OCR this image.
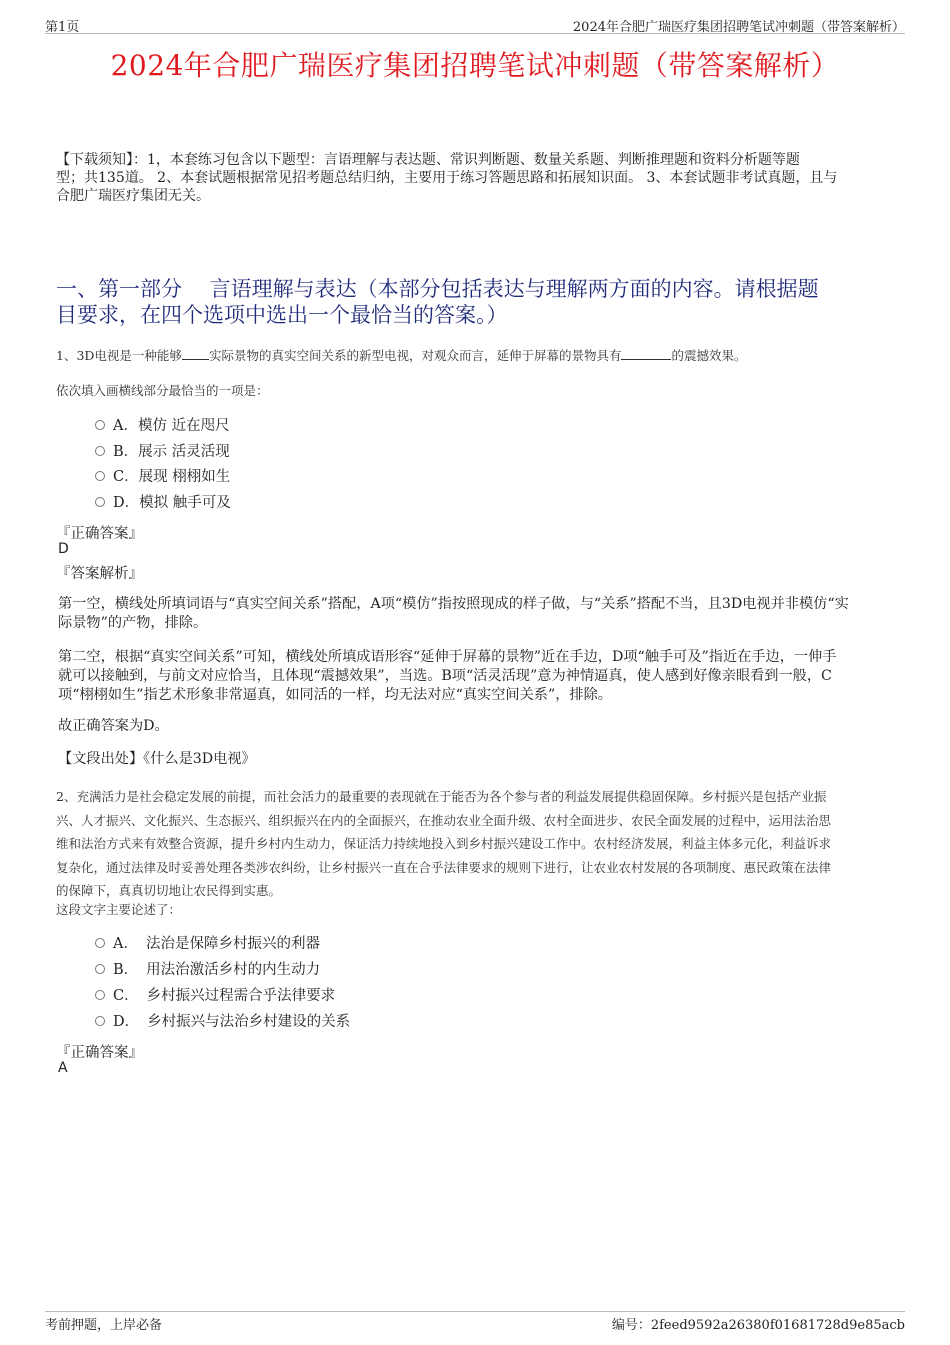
第1页	2024年合肥广瑞医疗集团招聘笔试冲刺题（带答案解析）
2024年合肥广瑞医疗集团招聘笔试冲刺题（带答案解析）
【下载须知】：1，本套练习包含以下题型：言语理解与表达题、常识判断题、数量关系题、判断推理题和资料分析题等题
型；共135道。 2、本套试题根据常见招考题总结归纳，主要用于练习答题思路和拓展知识面。 3、本套试题非考试真题，且与
合肥广瑞医疗集团无关。
一、第一部分　 言语理解与表达（本部分包括表达与理解两方面的内容。请根据题
目要求，在四个选项中选出一个最恰当的答案。）
1、3D电视是一种能够 实际景物的真实空间关系的新型电视，对观众而言，延伸于屏幕的景物具有	的震撼效果。
依次填入画横线部分最恰当的一项是：
A．模仿 近在咫尺
B．展示 活灵活现
C．展现 栩栩如生
D．模拟 触手可及
『正确答案』
D
『答案解析』
第一空，横线处所填词语与“真实空间关系”搭配，A项“模仿”指按照现成的样子做，与“关系”搭配不当，且3D电视并非模仿“实
际景物”的产物，排除。
第二空，根据“真实空间关系”可知，横线处所填成语形容“延伸于屏幕的景物”近在手边，D项“触手可及”指近在手边，一伸手
就可以接触到，与前文对应恰当，且体现“震撼效果”，当选。B项“活灵活现”意为神情逼真，使人感到好像亲眼看到一般，C
项“栩栩如生”指艺术形象非常逼真，如同活的一样，均无法对应“真实空间关系”，排除。
故正确答案为D。
【文段出处】《什么是3D电视》
2、充满活力是社会稳定发展的前提，而社会活力的最重要的表现就在于能否为各个参与者的利益发展提供稳固保障。乡村振兴是包括产业振
兴、人才振兴、文化振兴、生态振兴、组织振兴在内的全面振兴，在推动农业全面升级、农村全面进步、农民全面发展的过程中，运用法治思
维和法治方式来有效整合资源，提升乡村内生动力，保证活力持续地投入到乡村振兴建设工作中。农村经济发展，利益主体多元化，利益诉求
复杂化，通过法律及时妥善处理各类涉农纠纷，让乡村振兴一直在合乎法律要求的规则下进行，让农业农村发展的各项制度、惠民政策在法律
的保障下，真真切切地让农民得到实惠。
这段文字主要论述了：
A． 法治是保障乡村振兴的利器
B． 用法治激活乡村的内生动力
C． 乡村振兴过程需合乎法律要求
D． 乡村振兴与法治乡村建设的关系
『正确答案』
A
考前押题，上岸必备	编号：2feed9592a26380f01681728d9e85acb
